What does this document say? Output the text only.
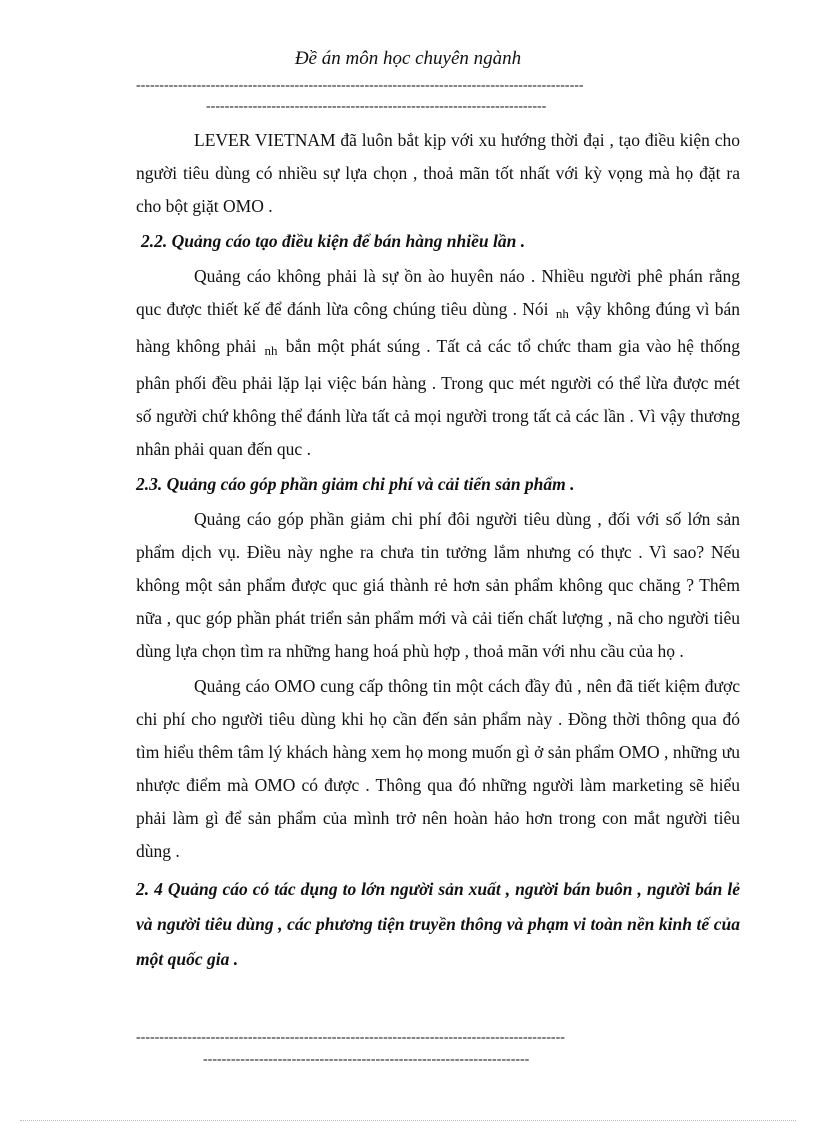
Đề án môn học chuyên ngành
------------------------------------------------------------------------------------------------
-------------------------------------------------------------------------

LEVER VIETNAM đã luôn bắt kịp với xu hướng thời đại , tạo điều kiện cho người tiêu dùng có nhiều sự lựa chọn , thoả mãn tốt nhất với kỳ vọng mà họ đặt ra cho bột giặt OMO .

2.2. Quảng cáo tạo điều kiện để bán hàng nhiều lần .

Quảng cáo không phải là sự ồn ào huyên náo . Nhiều người phê phán rằng quc được thiết kế để đánh lừa công chúng tiêu dùng . Nói nh vậy không đúng vì bán hàng không phải nh bắn một phát súng . Tất cả các tổ chức tham gia vào hệ thống phân phối đều phải lặp lại việc bán hàng . Trong quc mét người có thể lừa được mét số người chứ không thể đánh lừa tất cả mọi người trong tất cả các lần . Vì vậy thương nhân phải quan đến quc .

2.3. Quảng cáo góp phần giảm chi phí và cải tiến sản phẩm .

Quảng cáo góp phần giảm chi phí đôi người tiêu dùng , đối với số lớn sản phẩm dịch vụ. Điều này nghe ra chưa tin tưởng lắm nhưng có thực . Vì sao? Nếu không một sản phẩm được quc giá thành rẻ hơn sản phẩm không quc chăng ? Thêm nữa , quc góp phần phát triển sản phẩm mới và cải tiến chất lượng , nã cho người tiêu dùng lựa chọn tìm ra những hang hoá phù hợp , thoả mãn với nhu cầu của họ .

Quảng cáo OMO cung cấp thông tin một cách đầy đủ , nên đã tiết kiệm được chi phí cho người tiêu dùng khi họ cần đến sản phẩm này . Đồng thời thông qua đó tìm hiểu thêm tâm lý khách hàng xem họ mong muốn gì ở sản phẩm OMO , những ưu nhược điểm mà OMO có được . Thông qua đó những người làm marketing sẽ hiểu phải làm gì để sản phẩm của mình trở nên hoàn hảo hơn trong con mắt người tiêu dùng .

2. 4 Quảng cáo có tác dụng to lớn người sản xuất , người bán buôn , người bán lẻ và người tiêu dùng , các phương tiện truyền thông và phạm vi toàn nền kinh tế của một quốc gia .

--------------------------------------------------------------------------------------------
----------------------------------------------------------------------
